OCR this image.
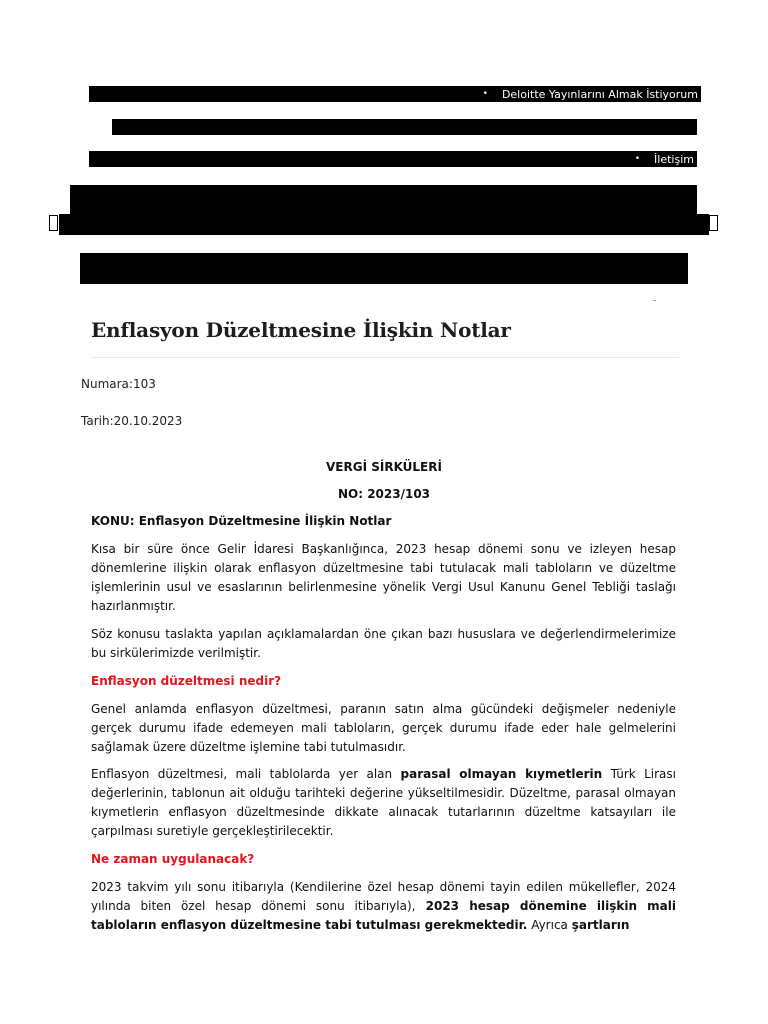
• Deloitte Yayınlarını Almak İstiyorum
• İletişim
Enflasyon Düzeltmesine İlişkin Notlar
Numara:103
Tarih:20.10.2023
VERGİ SİRKÜLERİ
NO: 2023/103

KONU: Enflasyon Düzeltmesine İlişkin Notlar

Kısa bir süre önce Gelir İdaresi Başkanlığınca, 2023 hesap dönemi sonu ve izleyen hesap dönemlerine ilişkin olarak enflasyon düzeltmesine tabi tutulacak mali tabloların ve düzeltme işlemlerinin usul ve esaslarının belirlenmesine yönelik Vergi Usul Kanunu Genel Tebliği taslağı hazırlanmıştır.

Söz konusu taslakta yapılan açıklamalardan öne çıkan bazı hususlara ve değerlendirmelerimize bu sirkülerimizde verilmiştir.

Enflasyon düzeltmesi nedir?

Genel anlamda enflasyon düzeltmesi, paranın satın alma gücündeki değişmeler nedeniyle gerçek durumu ifade edemeyen mali tabloların, gerçek durumu ifade eder hale gelmelerini sağlamak üzere düzeltme işlemine tabi tutulmasıdır.

Enflasyon düzeltmesi, mali tablolarda yer alan parasal olmayan kıymetlerin Türk Lirası değerlerinin, tablonun ait olduğu tarihteki değerine yükseltilmesidir. Düzeltme, parasal olmayan kıymetlerin enflasyon düzeltmesinde dikkate alınacak tutarlarının düzeltme katsayıları ile çarpılması suretiyle gerçekleştirilecektir.

Ne zaman uygulanacak?

2023 takvim yılı sonu itibarıyla (Kendilerine özel hesap dönemi tayin edilen mükellefler, 2024 yılında biten özel hesap dönemi sonu itibarıyla), 2023 hesap dönemine ilişkin mali tabloların enflasyon düzeltmesine tabi tutulması gerekmektedir. Ayrıca şartların
